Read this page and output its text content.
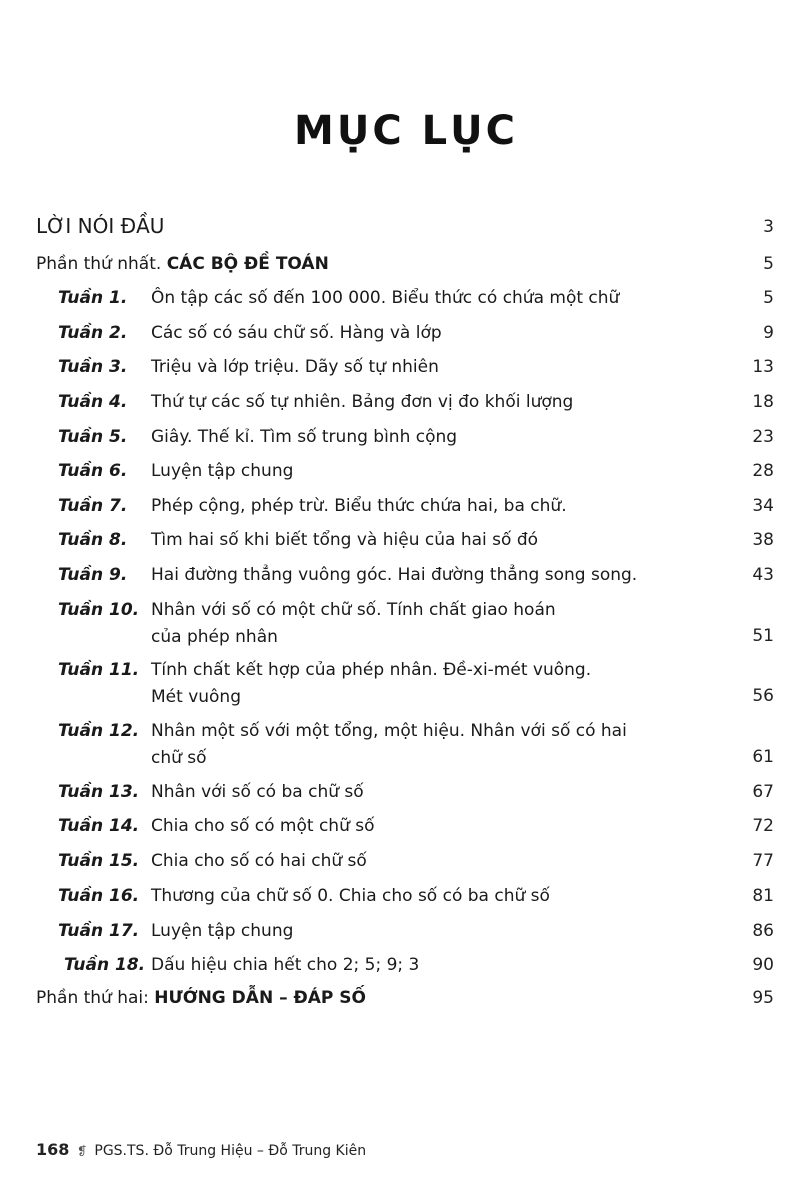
MỤC LỤC
LỜI NÓI ĐẦU	3
Phần thứ nhất. CÁC BỘ ĐỀ TOÁN	5
Tuần 1. Ôn tập các số đến 100 000. Biểu thức có chứa một chữ	5
Tuần 2. Các số có sáu chữ số. Hàng và lớp	9
Tuần 3. Triệu và lớp triệu. Dãy số tự nhiên	13
Tuần 4. Thứ tự các số tự nhiên. Bảng đơn vị đo khối lượng	18
Tuần 5. Giây. Thế kỉ. Tìm số trung bình cộng	23
Tuần 6. Luyện tập chung	28
Tuần 7. Phép cộng, phép trừ. Biểu thức chứa hai, ba chữ.	34
Tuần 8. Tìm hai số khi biết tổng và hiệu của hai số đó	38
Tuần 9. Hai đường thẳng vuông góc. Hai đường thẳng song song.	43
Tuần 10. Nhân với số có một chữ số. Tính chất giao hoán
của phép nhân	51
Tuần 11. Tính chất kết hợp của phép nhân. Đề-xi-mét vuông.
Mét vuông	56
Tuần 12. Nhân một số với một tổng, một hiệu. Nhân với số có hai
chữ số	61
Tuần 13. Nhân với số có ba chữ số	67
Tuần 14. Chia cho số có một chữ số	72
Tuần 15. Chia cho số có hai chữ số	77
Tuần 16. Thương của chữ số 0. Chia cho số có ba chữ số	81
Tuần 17. Luyện tập chung	86
Tuần 18. Dấu hiệu chia hết cho 2; 5; 9; 3	90
Phần thứ hai: HƯỚNG DẪN – ĐÁP SỐ	95
168 ❡ PGS.TS. Đỗ Trung Hiệu – Đỗ Trung Kiên
